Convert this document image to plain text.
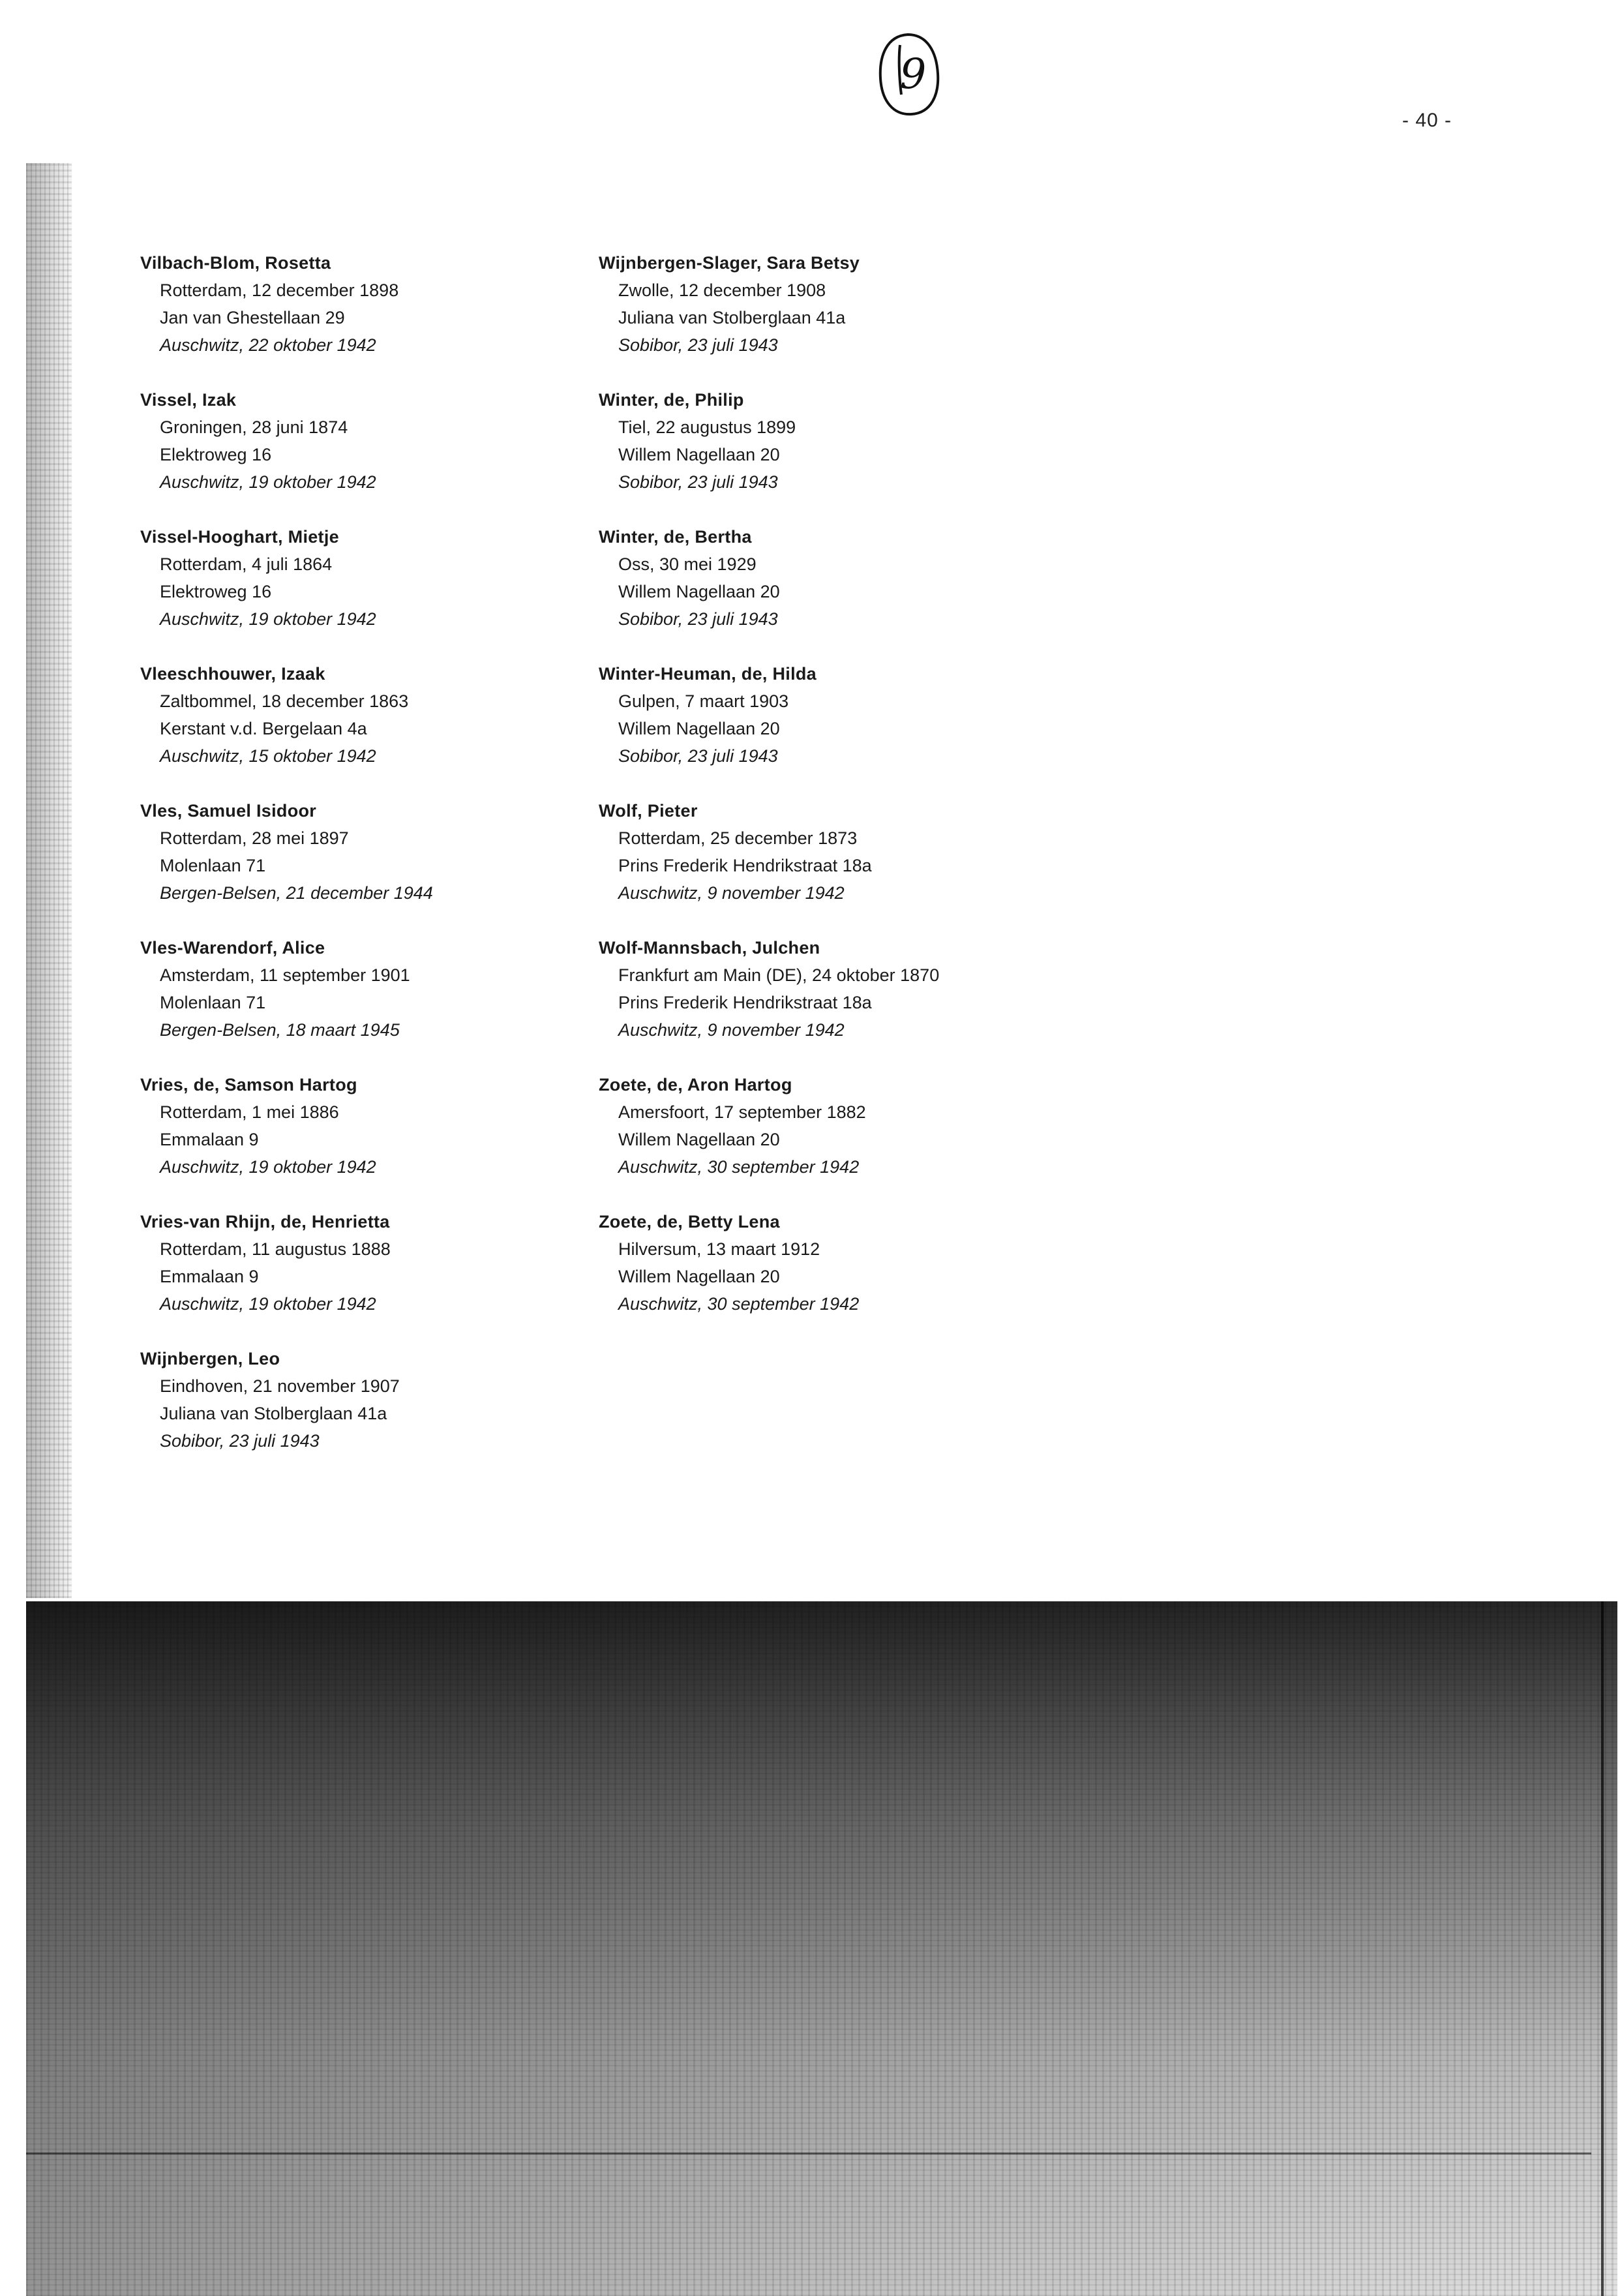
9
- 40 -
Vilbach-Blom, Rosetta
Rotterdam, 12 december 1898
Jan van Ghestellaan 29
Auschwitz, 22 oktober 1942
Vissel, Izak
Groningen, 28 juni 1874
Elektroweg 16
Auschwitz, 19 oktober 1942
Vissel-Hooghart, Mietje
Rotterdam, 4 juli 1864
Elektroweg 16
Auschwitz, 19 oktober 1942
Vleeschhouwer, Izaak
Zaltbommel, 18 december 1863
Kerstant v.d. Bergelaan 4a
Auschwitz, 15 oktober 1942
Vles, Samuel Isidoor
Rotterdam, 28 mei 1897
Molenlaan 71
Bergen-Belsen, 21 december 1944
Vles-Warendorf, Alice
Amsterdam, 11 september 1901
Molenlaan 71
Bergen-Belsen, 18 maart 1945
Vries, de, Samson Hartog
Rotterdam, 1 mei 1886
Emmalaan 9
Auschwitz, 19 oktober 1942
Vries-van Rhijn, de, Henrietta
Rotterdam, 11 augustus 1888
Emmalaan 9
Auschwitz, 19 oktober 1942
Wijnbergen, Leo
Eindhoven, 21 november 1907
Juliana van Stolberglaan 41a
Sobibor, 23 juli 1943
Wijnbergen-Slager, Sara Betsy
Zwolle, 12 december 1908
Juliana van Stolberglaan 41a
Sobibor, 23 juli 1943
Winter, de, Philip
Tiel, 22 augustus 1899
Willem Nagellaan 20
Sobibor, 23 juli 1943
Winter, de, Bertha
Oss, 30 mei 1929
Willem Nagellaan 20
Sobibor, 23 juli 1943
Winter-Heuman, de, Hilda
Gulpen, 7 maart 1903
Willem Nagellaan 20
Sobibor, 23 juli 1943
Wolf, Pieter
Rotterdam, 25 december 1873
Prins Frederik Hendrikstraat 18a
Auschwitz, 9 november 1942
Wolf-Mannsbach, Julchen
Frankfurt am Main (DE), 24 oktober 1870
Prins Frederik Hendrikstraat 18a
Auschwitz, 9 november 1942
Zoete, de, Aron Hartog
Amersfoort, 17 september 1882
Willem Nagellaan 20
Auschwitz, 30 september 1942
Zoete, de, Betty Lena
Hilversum, 13 maart 1912
Willem Nagellaan 20
Auschwitz, 30 september 1942
